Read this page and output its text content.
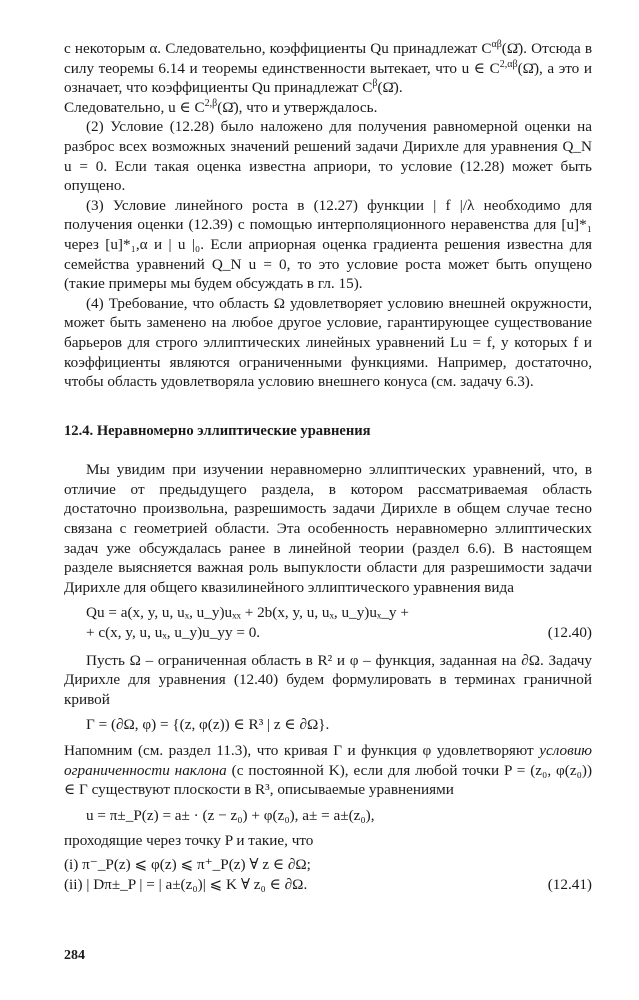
с некоторым α. Следовательно, коэффициенты Qu принадлежат $C^{\alpha\beta}(\Omegā)$. Отсюда в силу теоремы 6.14 и теоремы единственности вытекает, что u ∈ $C^{2,\alpha\beta}(\Omegā)$, а это и означает, что коэффициенты Qu принадлежат $C^\beta(\Omegā)$.
Следовательно, u ∈ $C^{2,\beta}(\Omegā)$, что и утверждалось.

(2) Условие (12.28) было наложено для получения равномерной оценки на разброс всех возможных значений решений задачи Дирихле для уравнения Q_N u = 0. Если такая оценка известна априори, то условие (12.28) может быть опущено.

(3) Условие линейного роста в (12.27) функции | f |/λ необходимо для получения оценки (12.39) с помощью интерполяционного неравенства для [u]*₁ через [u]*₁,α и | u |₀. Если априорная оценка градиента решения известна для семейства уравнений Q_N u = 0, то это условие роста может быть опущено (такие примеры мы будем обсуждать в гл. 15).

(4) Требование, что область Ω удовлетворяет условию внешней окружности, может быть заменено на любое другое условие, гарантирующее существование барьеров для строго эллиптических линейных уравнений Lu = f, у которых f и коэффициенты являются ограниченными функциями. Например, достаточно, чтобы область удовлетворяла условию внешнего конуса (см. задачу 6.3).

12.4. Неравномерно эллиптические уравнения

Мы увидим при изучении неравномерно эллиптических уравнений, что, в отличие от предыдущего раздела, в котором рассматриваемая область достаточно произвольна, разрешимость задачи Дирихле в общем случае тесно связана с геометрией области. Эта особенность неравномерно эллиптических задач уже обсуждалась ранее в линейной теории (раздел 6.6). В настоящем разделе выясняется важная роль выпуклости области для разрешимости задачи Дирихле для общего квазилинейного эллиптического уравнения вида

Qu = a(x, y, u, uₓ, u_y)uₓₓ + 2b(x, y, u, uₓ, u_y)uₓ_y +
+ c(x, y, u, uₓ, u_y)u_yy = 0.	(12.40)

Пусть Ω – ограниченная область в R² и φ – функция, заданная на ∂Ω. Задачу Дирихле для уравнения (12.40) будем формулировать в терминах граничной кривой

Γ = (∂Ω, φ) = {(z, φ(z)) ∈ R³ | z ∈ ∂Ω}.

Напомним (см. раздел 11.3), что кривая Γ и функция φ удовлетворяют условию ограниченности наклона (с постоянной K), если для любой точки P = (z₀, φ(z₀)) ∈ Γ существуют плоскости в R³, описываемые уравнениями

u = π±_P(z) = a± · (z − z₀) + φ(z₀), a± = a±(z₀),

проходящие через точку P и такие, что

(i) π⁻_P(z) ⩽ φ(z) ⩽ π⁺_P(z) ∀ z ∈ ∂Ω;
(ii) | Dπ±_P | = | a±(z₀)| ⩽ K ∀ z₀ ∈ ∂Ω.	(12.41)
284
